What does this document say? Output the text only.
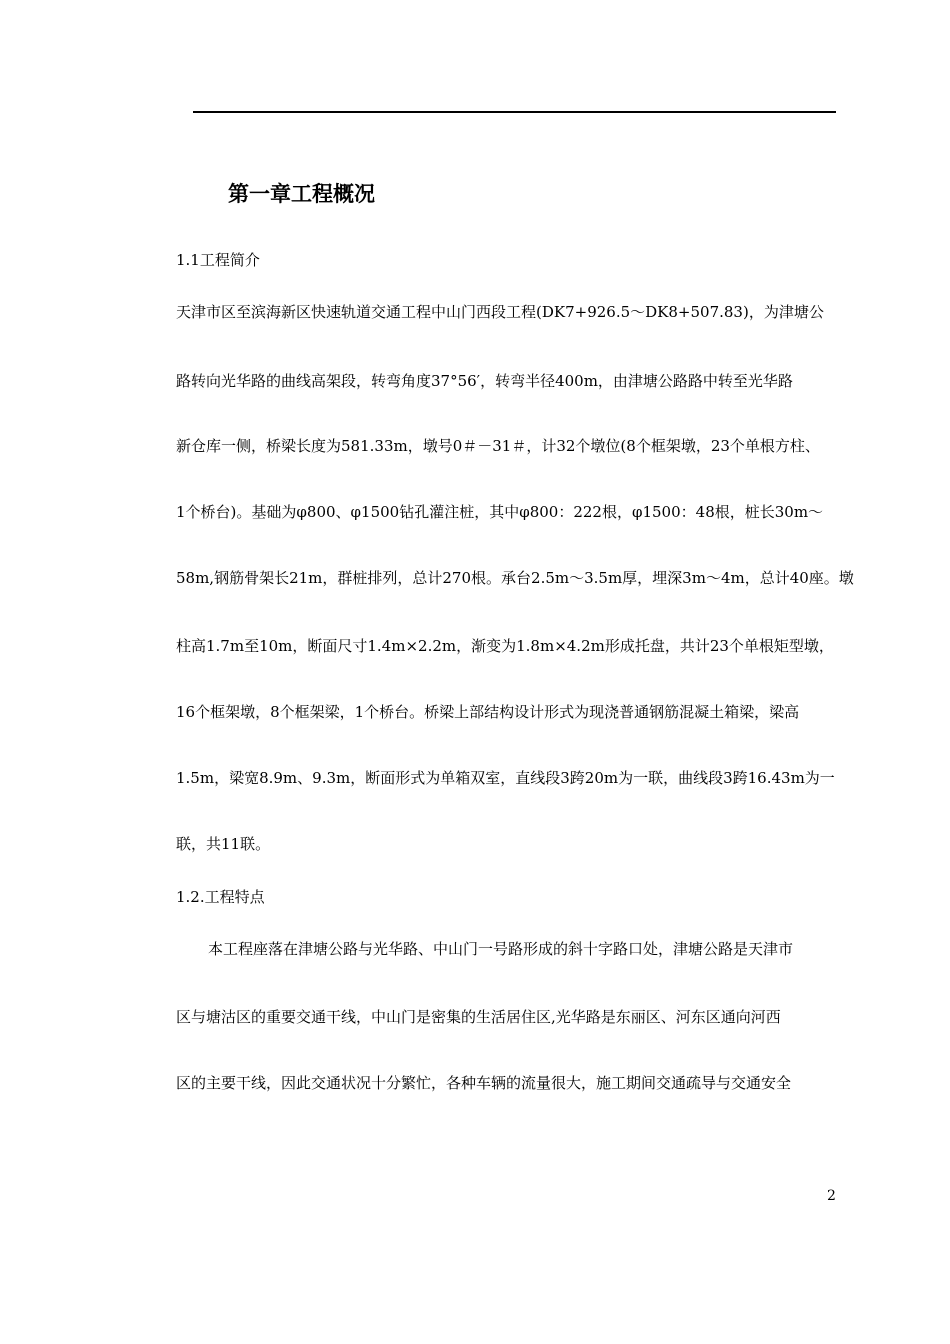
第一章工程概况
1.1工程简介
天津市区至滨海新区快速轨道交通工程中山门西段工程(DK7+926.5～DK8+507.83)，为津塘公
路转向光华路的曲线高架段，转弯角度37°56′，转弯半径400m，由津塘公路路中转至光华路
新仓库一侧，桥梁长度为581.33m，墩号0＃－31＃，计32个墩位(8个框架墩，23个单根方柱、
1个桥台)。基础为φ800、φ1500钻孔灌注桩，其中φ800：222根，φ1500：48根，桩长30m～
58m,钢筋骨架长21m，群桩排列，总计270根。承台2.5m～3.5m厚，埋深3m～4m，总计40座。墩
柱高1.7m至10m，断面尺寸1.4m×2.2m，渐变为1.8m×4.2m形成托盘，共计23个单根矩型墩，
16个框架墩，8个框架梁，1个桥台。桥梁上部结构设计形式为现浇普通钢筋混凝土箱梁，梁高
1.5m，梁宽8.9m、9.3m，断面形式为单箱双室，直线段3跨20m为一联，曲线段3跨16.43m为一
联，共11联。
1.2.工程特点
本工程座落在津塘公路与光华路、中山门一号路形成的斜十字路口处，津塘公路是天津市
区与塘沽区的重要交通干线，中山门是密集的生活居住区,光华路是东丽区、河东区通向河西
区的主要干线，因此交通状况十分繁忙，各种车辆的流量很大，施工期间交通疏导与交通安全
2
